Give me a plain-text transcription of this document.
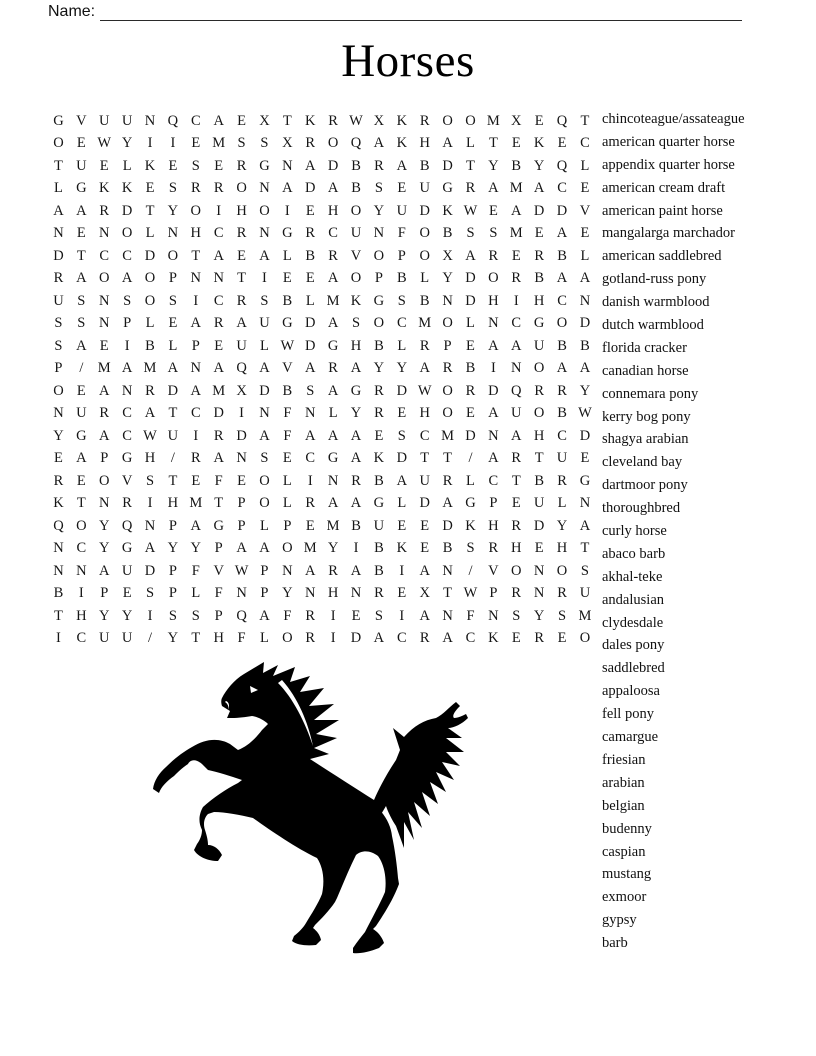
Name:
Horses
G V U U N Q C A E X T K R W X K R O O M X E Q T
O E W Y	I	I	E M S	S X R O Q A K H A L T E K E C
T U E L K E S E R G N A D B R A B D T Y B Y Q L
L G K K E S R R O N A D A B S E U G R A M A C E
A A R D T Y O	I	H O	I	E H O Y U D K W E A D D V
N E N O L N H C R N G R C U N F O B S	S M E A E
D T C C D O T A E A L B R V O P O X A R E R B L
R A O A O P N N T	I	E E A O P B L Y D O R B A A
U S N S O S	I	C R S B L M K G S B N D H	I	H C N
S	S N P L E A R A U G D A S O C M O L N C G O D
S A E	I	B L P E U L W D G H B L R P E A A U B B
P	/ M A M A N A Q A V A R A Y Y A R B	I	N O A A
O E A N R D A M X D B S A G R D W O R D Q R R Y
N U R C A T C D	I	N F N L Y R E H O E A U O B W
Y G A C W U	I	R D A F A A A E S C M D N A H C D
E A P G H	/	R A N S E C G A K D T T	/	A R T U E
R E O V S T E F E O L	I	N R B A U R L C T B R G
K T N R	I	H M T P O L R A A G L D A G P E U L N
Q O Y Q N P A G P L P E M B U E E D K H R D Y A
N C Y G A Y Y P A A O M Y	I	B K E B S R H E H T
N N A U D P	F V W P N A R A B	I	A N	/	V O N O S
B	I	P E S	P L F N P Y N H N R E X T W P R N R U
T H Y Y	I	S	S	P Q A F R	I	E S	I	A N F N S Y S M
I	C U U	/	Y T H F L O R	I	D A C R A C K E R E O
chincoteague/assateague
american quarter horse
appendix quarter horse
american cream draft
american paint horse
mangalarga marchador
american saddlebred
gotland-russ pony
danish warmblood
dutch warmblood
florida cracker
canadian horse
connemara pony
kerry bog pony
shagya arabian
cleveland bay
dartmoor pony
thoroughbred
curly horse
abaco barb
akhal-teke
andalusian
clydesdale
dales pony
saddlebred
appaloosa
fell pony
camargue
friesian
arabian
belgian
budenny
caspian
mustang
exmoor
gypsy
barb
